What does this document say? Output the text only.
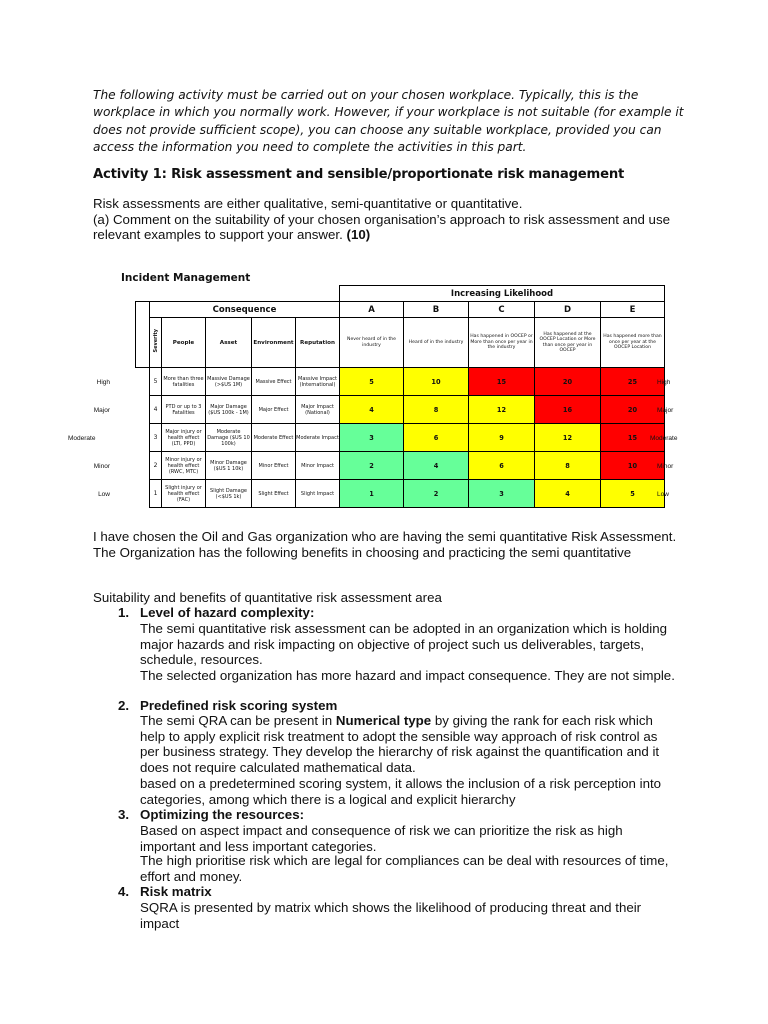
The following activity must be carried out on your chosen workplace. Typically, this is the workplace in which you normally work. However, if your workplace is not suitable (for example it does not provide sufficient scope), you can choose any suitable workplace, provided you can access the information you need to complete the activities in this part.
Activity 1: Risk assessment and sensible/proportionate risk management
Risk assessments are either qualitative, semi-quantitative or quantitative.
(a) Comment on the suitability of your chosen organisation’s approach to risk assessment and use relevant examples to support your answer. (10)
Incident Management
						Increasing Likelihood				
	Consequence					A	B	C	D	E
	Severity	People	Asset	Environment	Reputation	Never heard of in the industry	Heard of in the industry	Has happened in OOCEP or More than once per year in the industry	Has happened at the OOCEP Location or More than once per year in OOCEP	Has happened more than once per year at the OOCEP Location
	5	More than three fatalities	Massive Damage (>$US 1M)	Massive Effect	Massive Impact (International)	5	10	15	20	25
	4	PTD or up to 3 Fatalities	Major Damage ($US 100k - 1M)	Major Effect	Major Impact (National)	4	8	12	16	20
	3	Major injury or health effect (LTI, PPD)	Moderate Damage ($US 10 100k)	Moderate Effect	Moderate Impact	3	6	9	12	15
	2	Minor injury or health effect (RWC, MTC)	Minor Damage ($US 1 10k)	Minor Effect	Minor Impact	2	4	6	8	10
	1	Slight injury or health effect (FAC)	Slight Damage (<$US 1k)	Slight Effect	Slight Impact	1	2	3	4	5
High
Major
Moderate
Minor
Low
High
Major
Moderate
Minor
Low
I have chosen the Oil and Gas organization who are having the semi quantitative Risk Assessment. The Organization has the following benefits in choosing and practicing the semi quantitative
Suitability and benefits of quantitative risk assessment area
1. Level of hazard complexity:
The semi quantitative risk assessment can be adopted in an organization which is holding major hazards and risk impacting on objective of project such us deliverables, targets, schedule, resources.
The selected organization has more hazard and impact consequence. They are not simple.
2. Predefined risk scoring system
The semi QRA can be present in Numerical type by giving the rank for each risk which help to apply explicit risk treatment to adopt the sensible way approach of risk control as per business strategy. They develop the hierarchy of risk against the quantification and it does not require calculated mathematical data.
based on a predetermined scoring system, it allows the inclusion of a risk perception into categories, among which there is a logical and explicit hierarchy
3. Optimizing the resources:
Based on aspect impact and consequence of risk we can prioritize the risk as high important and less important categories.
The high prioritise risk which are legal for compliances can be deal with resources of time, effort and money.
4. Risk matrix
SQRA is presented by matrix which shows the likelihood of producing threat and their impact
